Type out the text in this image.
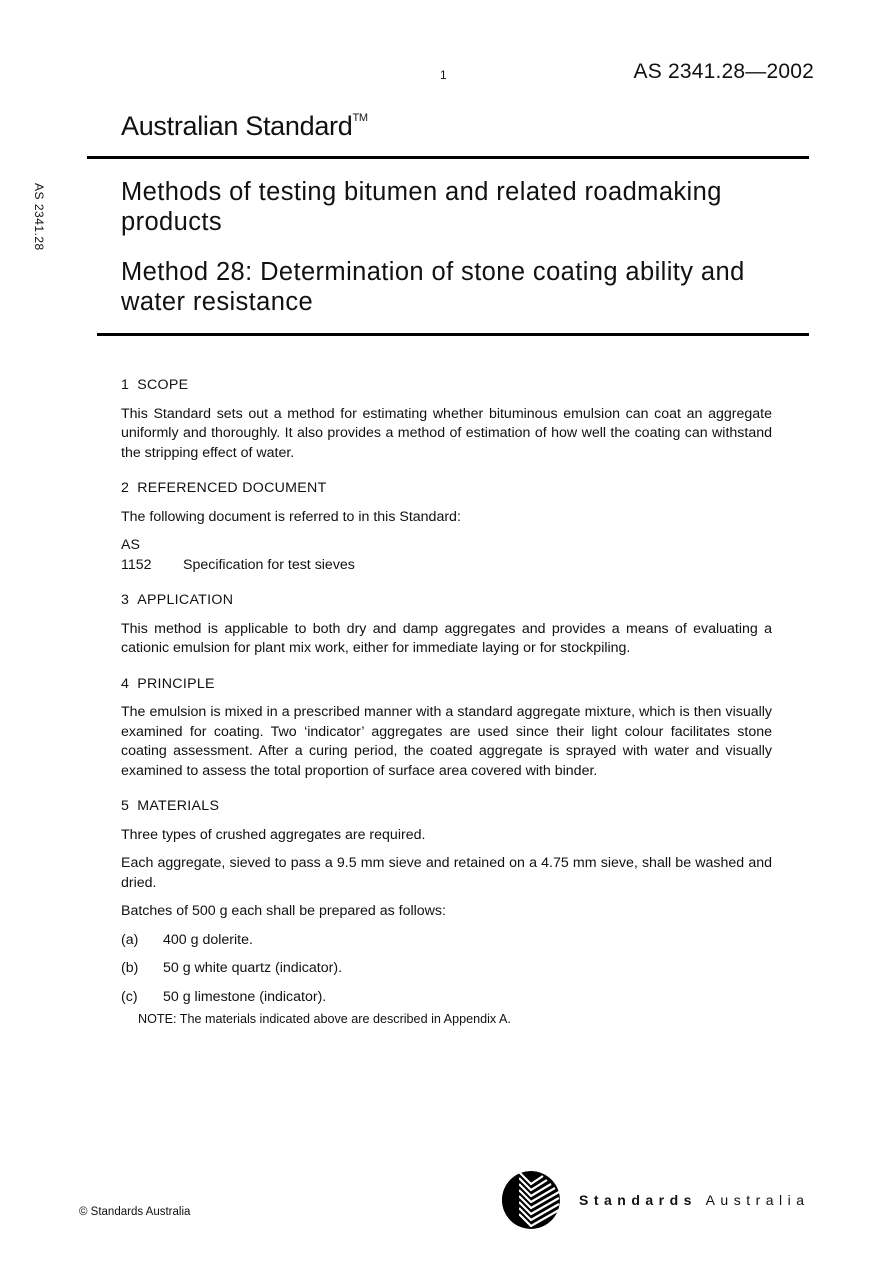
1	AS 2341.28—2002
Australian Standard™
AS 2341.28	Methods of testing bitumen and related roadmaking products
Method 28: Determination of stone coating ability and water resistance
1 SCOPE

This Standard sets out a method for estimating whether bituminous emulsion can coat an aggregate uniformly and thoroughly. It also provides a method of estimation of how well the coating can withstand the stripping effect of water.

2 REFERENCED DOCUMENT

The following document is referred to in this Standard:

AS
1152	Specification for test sieves
3 APPLICATION

This method is applicable to both dry and damp aggregates and provides a means of evaluating a cationic emulsion for plant mix work, either for immediate laying or for stockpiling.

4 PRINCIPLE

The emulsion is mixed in a prescribed manner with a standard aggregate mixture, which is then visually examined for coating. Two ‘indicator’ aggregates are used since their light colour facilitates stone coating assessment. After a curing period, the coated aggregate is sprayed with water and visually examined to assess the total proportion of surface area covered with binder.

5 MATERIALS

Three types of crushed aggregates are required.

Each aggregate, sieved to pass a 9.5 mm sieve and retained on a 4.75 mm sieve, shall be washed and dried.

Batches of 500 g each shall be prepared as follows:

(a)	400 g dolerite.
(b)	50 g white quartz (indicator).
(c)	50 g limestone (indicator).
NOTE: The materials indicated above are described in Appendix A.
© Standards Australia
Standards Australia
